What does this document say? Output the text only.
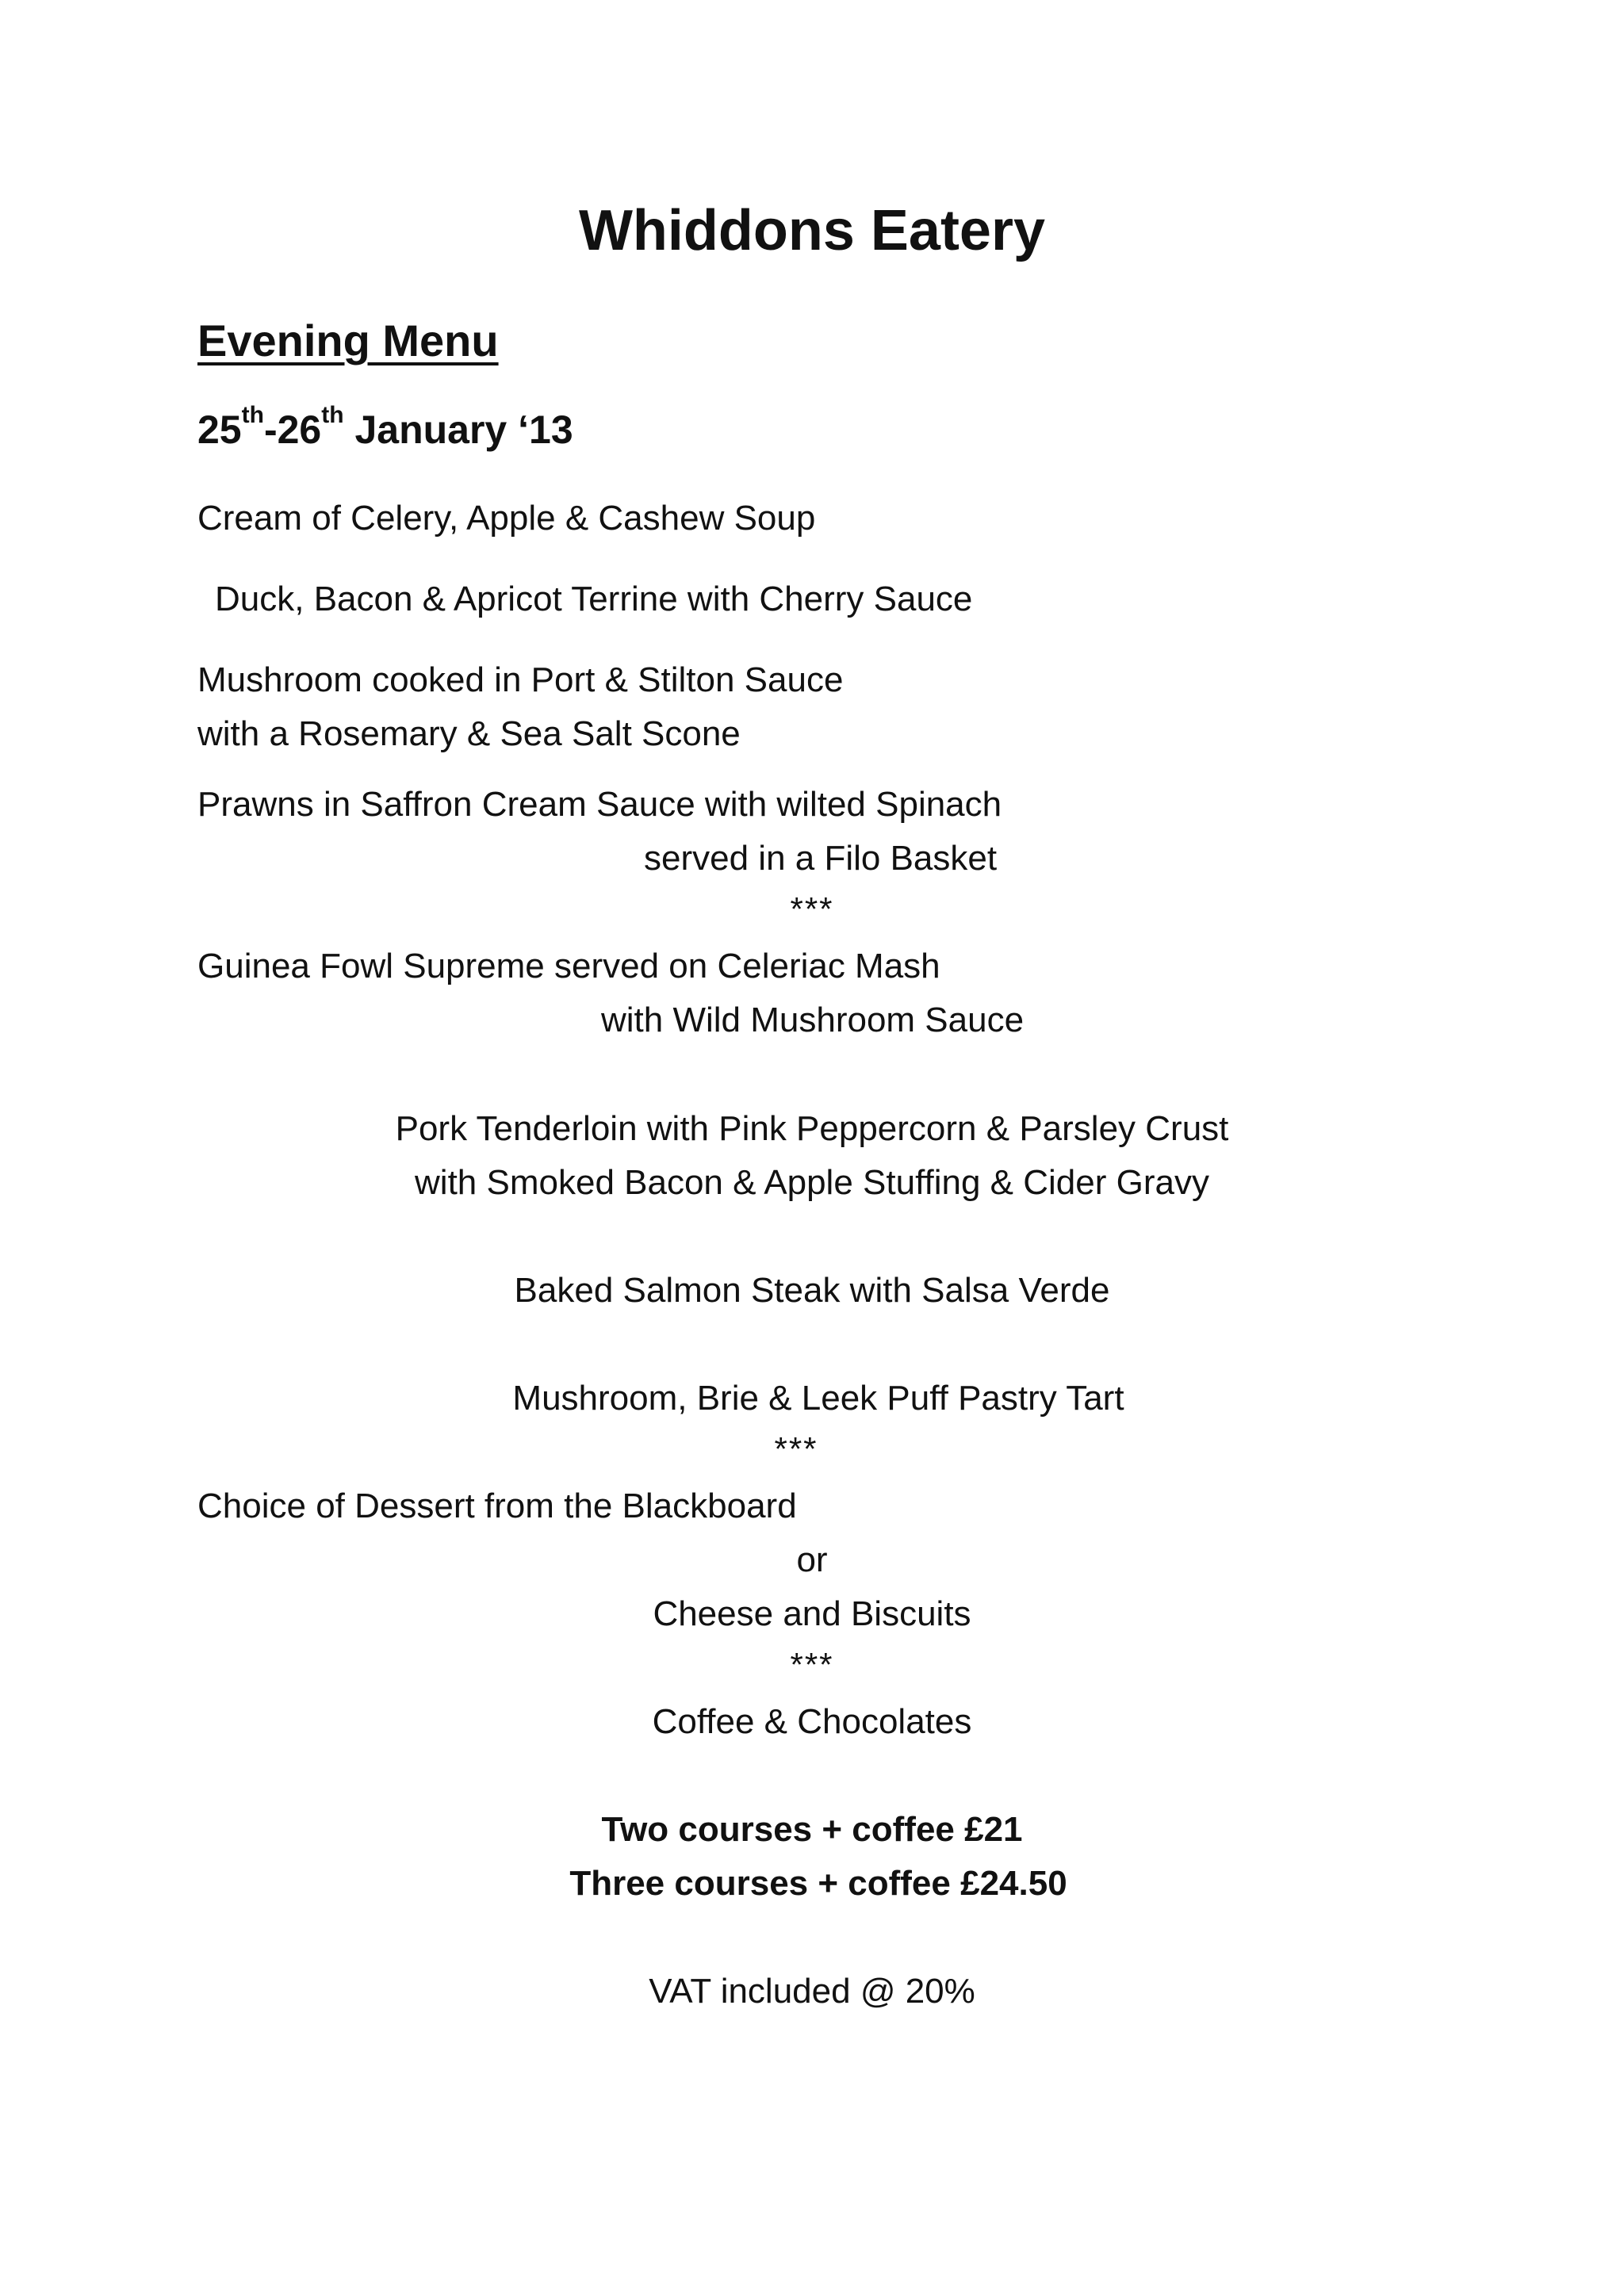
Whiddons Eatery
Evening Menu
25th-26th January ‘13
Cream of Celery, Apple & Cashew Soup
Duck, Bacon & Apricot Terrine with Cherry Sauce
Mushroom cooked in Port & Stilton Sauce
with a Rosemary & Sea Salt Scone
Prawns in Saffron Cream Sauce with wilted Spinach
served in a Filo Basket
***
Guinea Fowl Supreme served on Celeriac Mash
with Wild Mushroom Sauce
Pork Tenderloin with Pink Peppercorn & Parsley Crust
with Smoked Bacon & Apple Stuffing & Cider Gravy
Baked Salmon Steak with Salsa Verde
Mushroom, Brie & Leek Puff Pastry Tart
***
Choice of Dessert from the Blackboard
or
Cheese and Biscuits
***
Coffee & Chocolates
Two courses + coffee £21
Three courses + coffee £24.50
VAT included @ 20%
